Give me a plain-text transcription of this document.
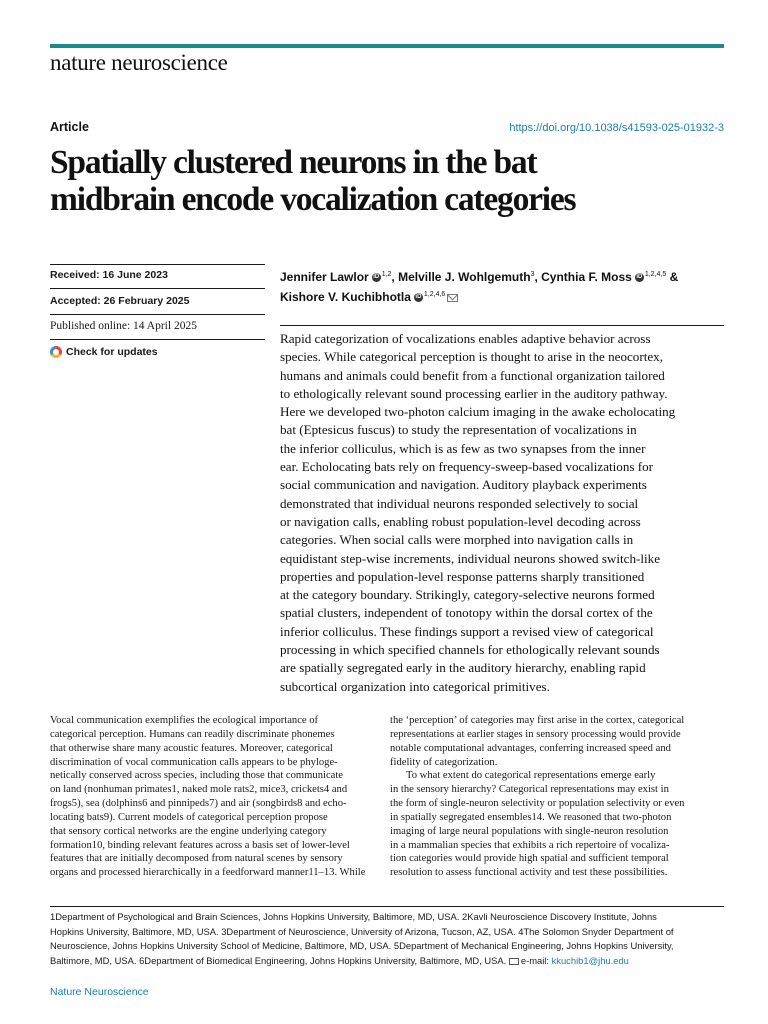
nature neuroscience
Article	https://doi.org/10.1038/s41593-025-01932-3
Spatially clustered neurons in the bat
midbrain encode vocalization categories
Received: 16 June 2023
Accepted: 26 February 2025
Published online: 14 April 2025
Check for updates
Jennifer Lawlor iD $^{1,2}$, Melville J. Wohlgemuth$^3$, Cynthia F. Moss iD $^{1,2,4,5}$ &
Kishore V. Kuchibhotla iD $^{1,2,4,6}$
Rapid categorization of vocalizations enables adaptive behavior across
species. While categorical perception is thought to arise in the neocortex,
humans and animals could benefit from a functional organization tailored
to ethologically relevant sound processing earlier in the auditory pathway.
Here we developed two-photon calcium imaging in the awake echolocating
bat (Eptesicus fuscus) to study the representation of vocalizations in
the inferior colliculus, which is as few as two synapses from the inner
ear. Echolocating bats rely on frequency-sweep-based vocalizations for
social communication and navigation. Auditory playback experiments
demonstrated that individual neurons responded selectively to social
or navigation calls, enabling robust population-level decoding across
categories. When social calls were morphed into navigation calls in
equidistant step-wise increments, individual neurons showed switch-like
properties and population-level response patterns sharply transitioned
at the category boundary. Strikingly, category-selective neurons formed
spatial clusters, independent of tonotopy within the dorsal cortex of the
inferior colliculus. These findings support a revised view of categorical
processing in which specified channels for ethologically relevant sounds
are spatially segregated early in the auditory hierarchy, enabling rapid
subcortical organization into categorical primitives.
Vocal communication exemplifies the ecological importance of
categorical perception. Humans can readily discriminate phonemes
that otherwise share many acoustic features. Moreover, categorical
discrimination of vocal communication calls appears to be phyloge-
netically conserved across species, including those that communicate
on land (nonhuman primates1, naked mole rats2, mice3, crickets4 and
frogs5), sea (dolphins6 and pinnipeds7) and air (songbirds8 and echo-
locating bats9). Current models of categorical perception propose
that sensory cortical networks are the engine underlying category
formation10, binding relevant features across a basis set of lower-level
features that are initially decomposed from natural scenes by sensory
organs and processed hierarchically in a feedforward manner11–13. While
the ‘perception’ of categories may first arise in the cortex, categorical
representations at earlier stages in sensory processing would provide
notable computational advantages, conferring increased speed and
fidelity of categorization.
To what extent do categorical representations emerge early
in the sensory hierarchy? Categorical representations may exist in
the form of single-neuron selectivity or population selectivity or even
in spatially segregated ensembles14. We reasoned that two-photon
imaging of large neural populations with single-neuron resolution
in a mammalian species that exhibits a rich repertoire of vocaliza-
tion categories would provide high spatial and sufficient temporal
resolution to assess functional activity and test these possibilities.
1Department of Psychological and Brain Sciences, Johns Hopkins University, Baltimore, MD, USA. 2Kavli Neuroscience Discovery Institute, Johns
Hopkins University, Baltimore, MD, USA. 3Department of Neuroscience, University of Arizona, Tucson, AZ, USA. 4The Solomon Snyder Department of
Neuroscience, Johns Hopkins University School of Medicine, Baltimore, MD, USA. 5Department of Mechanical Engineering, Johns Hopkins University,
Baltimore, MD, USA. 6Department of Biomedical Engineering, Johns Hopkins University, Baltimore, MD, USA. e-mail: kkuchib1@jhu.edu
Nature Neuroscience
